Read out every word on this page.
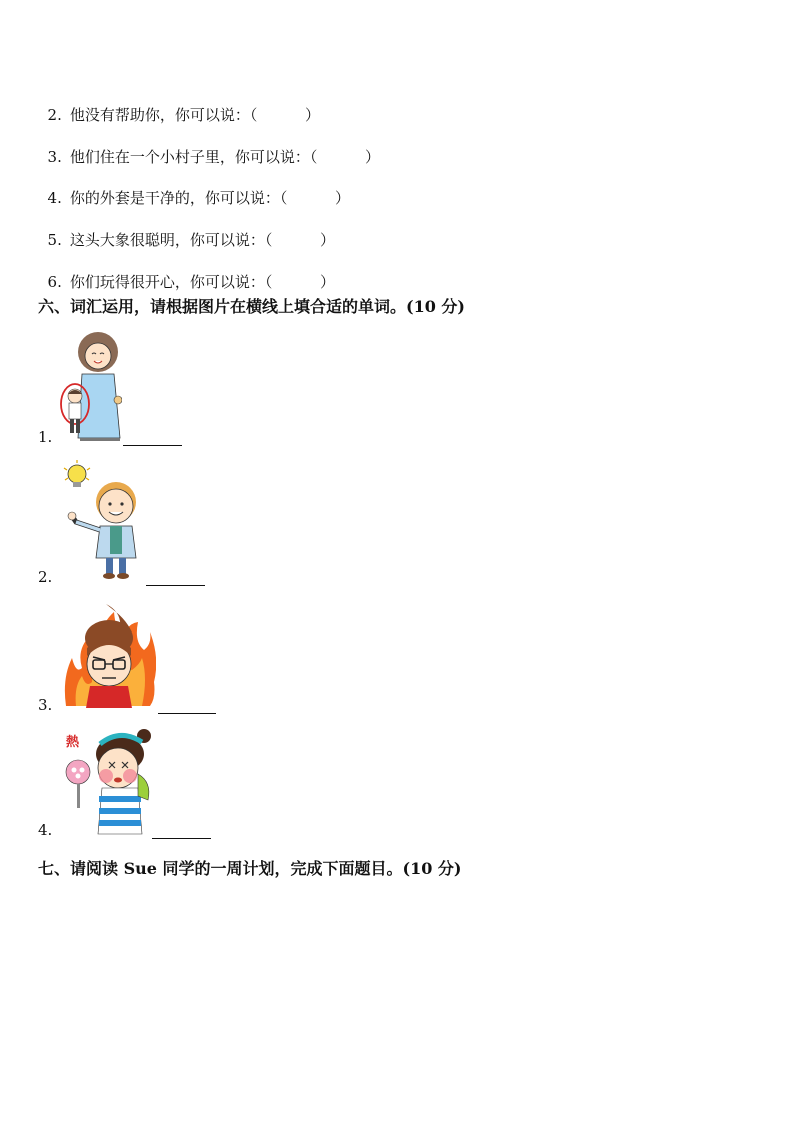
2. 他没有帮助你，你可以说：（          ）

3. 他们住在一个小村子里，你可以说：（          ）

4. 你的外套是干净的，你可以说：（          ）

5. 这头大象很聪明，你可以说：（          ）

6. 你们玩得很开心，你可以说：（          ）

六、词汇运用，请根据图片在横线上填合适的单词。(10 分)
1.
2.
3.
熱
4.
七、请阅读 Sue 同学的一周计划，完成下面题目。(10 分)
